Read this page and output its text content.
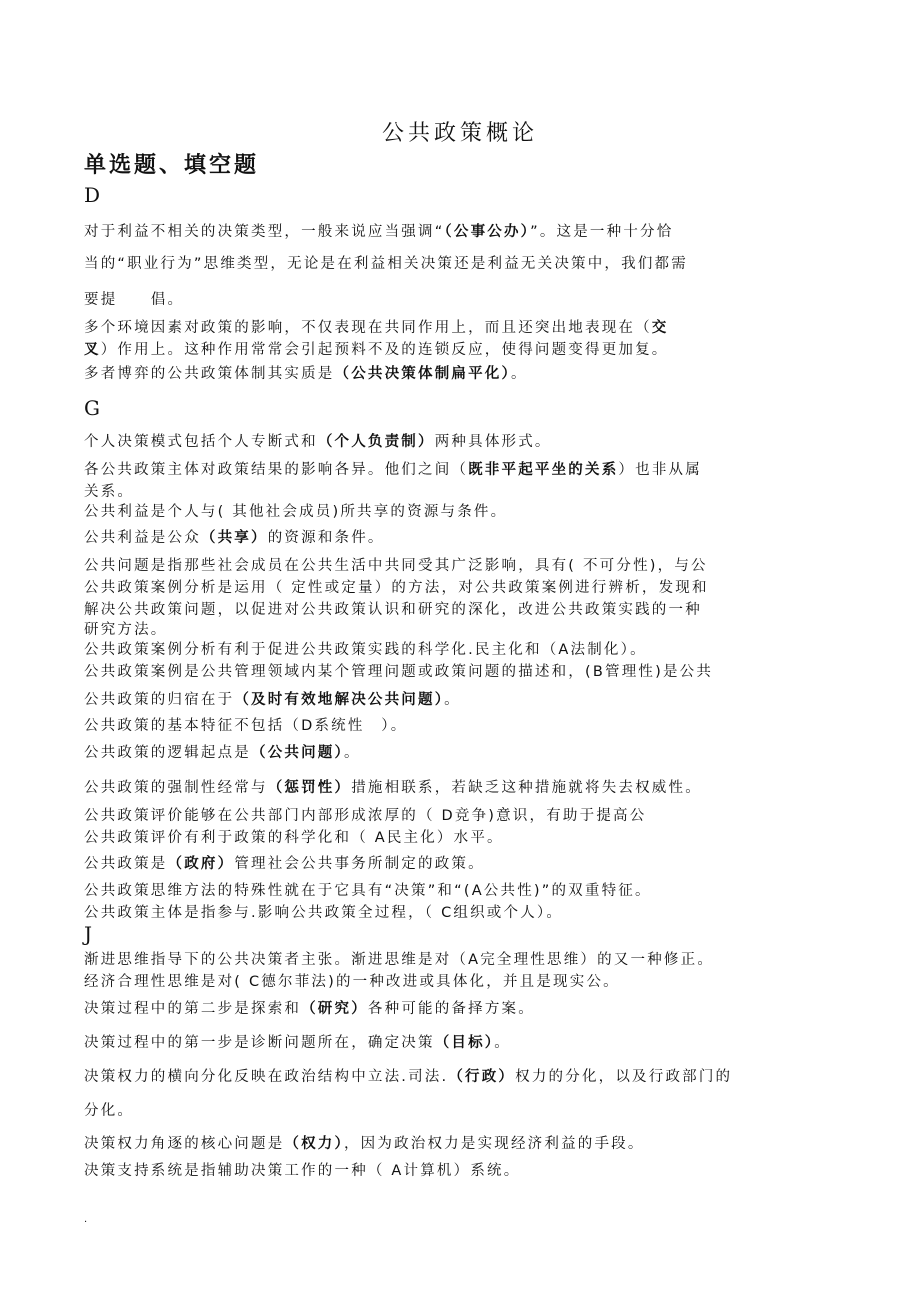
公共政策概论
单选题、填空题
D
对于利益不相关的决策类型，一般来说应当强调“（公事公办）”。这是一种十分恰
当的“职业行为”思维类型，无论是在利益相关决策还是利益无关决策中，我们都需
要提　　倡。
多个环境因素对政策的影响，不仅表现在共同作用上，而且还突出地表现在（交
叉）作用上。这种作用常常会引起预料不及的连锁反应，使得问题变得更加复。
多者博弈的公共政策体制其实质是（公共决策体制扁平化）。
G
个人决策模式包括个人专断式和（个人负责制）两种具体形式。
各公共政策主体对政策结果的影响各异。他们之间（既非平起平坐的关系）也非从属
关系。
公共利益是个人与( 其他社会成员)所共享的资源与条件。
公共利益是公众（共享）的资源和条件。
公共问题是指那些社会成员在公共生活中共同受其广泛影响，具有( 不可分性)，与公
公共政策案例分析是运用（ 定性或定量）的方法，对公共政策案例进行辨析，发现和
解决公共政策问题，以促进对公共政策认识和研究的深化，改进公共政策实践的一种
研究方法。
公共政策案例分析有利于促进公共政策实践的科学化.民主化和（A法制化）。
公共政策案例是公共管理领域内某个管理问题或政策问题的描述和，(B管理性)是公共
公共政策的归宿在于（及时有效地解决公共问题）。
公共政策的基本特征不包括（D系统性　）。
公共政策的逻辑起点是（公共问题）。
公共政策的强制性经常与（惩罚性）措施相联系，若缺乏这种措施就将失去权威性。
公共政策评价能够在公共部门内部形成浓厚的（ D竞争)意识，有助于提高公
公共政策评价有利于政策的科学化和（ A民主化）水平。
公共政策是（政府）管理社会公共事务所制定的政策。
公共政策思维方法的特殊性就在于它具有“决策”和“(A公共性)”的双重特征。
公共政策主体是指参与.影响公共政策全过程，（ C组织或个人）。
J
渐进思维指导下的公共决策者主张。渐进思维是对（A完全理性思维）的又一种修正。
经济合理性思维是对( C德尔菲法)的一种改进或具体化，并且是现实公。
决策过程中的第二步是探索和（研究）各种可能的备择方案。
决策过程中的第一步是诊断问题所在，确定决策（目标）。
决策权力的横向分化反映在政治结构中立法.司法.（行政）权力的分化，以及行政部门的
分化。
决策权力角逐的核心问题是（权力），因为政治权力是实现经济利益的手段。
决策支持系统是指辅助决策工作的一种（ A计算机）系统。
.
